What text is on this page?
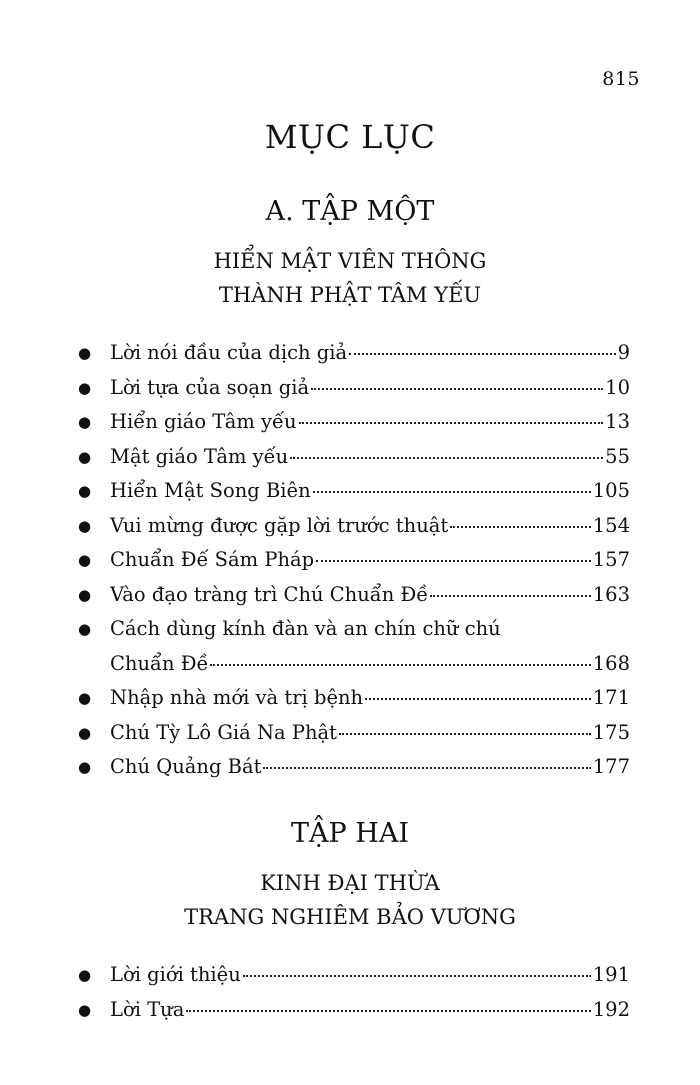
815
MỤC LỤC
A. TẬP MỘT
HIỂN MẬT VIÊN THÔNG
THÀNH PHẬT TÂM YẾU
● Lời nói đầu của dịch giả	9
● Lời tựa của soạn giả	10
● Hiển giáo Tâm yếu	13
● Mật giáo Tâm yếu	55
● Hiển Mật Song Biên	105
● Vui mừng được gặp lời trước thuật	154
● Chuẩn Đế Sám Pháp	157
● Vào đạo tràng trì Chú Chuẩn Đề	163
● Cách dùng kính đàn và an chín chữ chú
Chuẩn Đề	168
● Nhập nhà mới và trị bệnh	171
● Chú Tỳ Lô Giá Na Phật	175
● Chú Quảng Bát	177
TẬP HAI
KINH ĐẠI THỪA
TRANG NGHIÊM BẢO VƯƠNG
● Lời giới thiệu	191
● Lời Tựa	192
